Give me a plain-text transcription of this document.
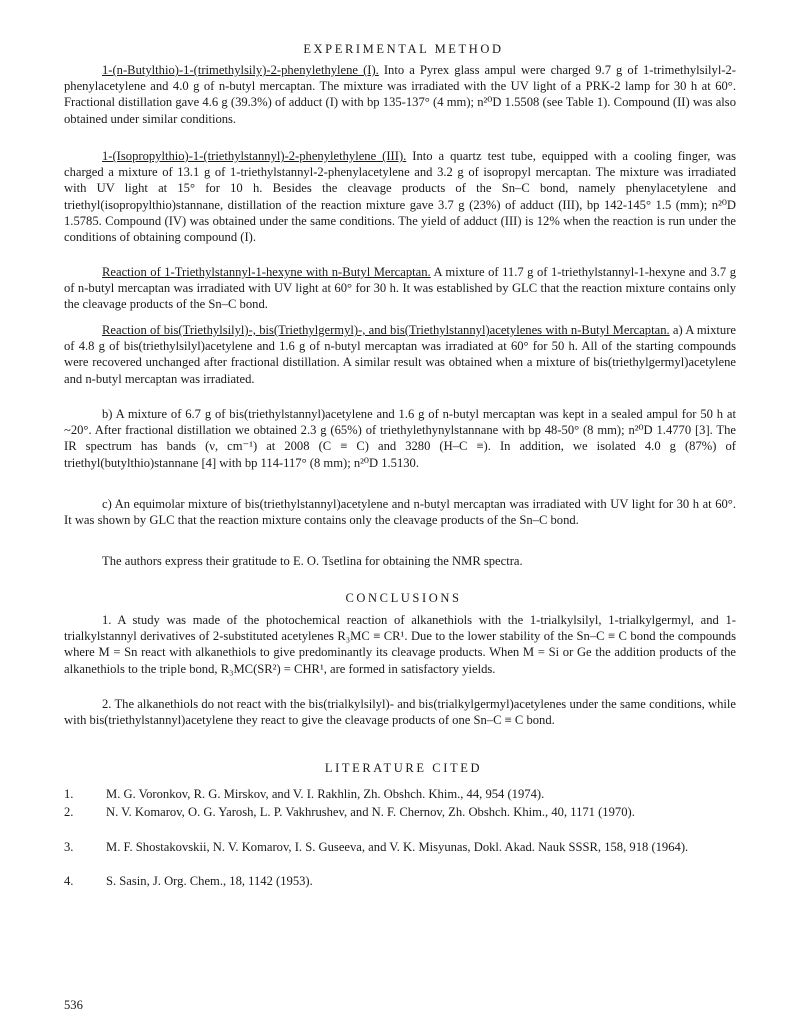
EXPERIMENTAL METHOD

1-(n-Butylthio)-1-(trimethylsily)-2-phenylethylene (I). Into a Pyrex glass ampul were charged 9.7 g of 1-trimethylsilyl-2-phenylacetylene and 4.0 g of n-butyl mercaptan. The mixture was irradiated with the UV light of a PRK-2 lamp for 30 h at 60°. Fractional distillation gave 4.6 g (39.3%) of adduct (I) with bp 135-137° (4 mm); n²⁰D 1.5508 (see Table 1). Compound (II) was also obtained under similar conditions.

1-(Isopropylthio)-1-(triethylstannyl)-2-phenylethylene (III). Into a quartz test tube, equipped with a cooling finger, was charged a mixture of 13.1 g of 1-triethylstannyl-2-phenylacetylene and 3.2 g of isopropyl mercaptan. The mixture was irradiated with UV light at 15° for 10 h. Besides the cleavage products of the Sn–C bond, namely phenylacetylene and triethyl(isopropylthio)stannane, distillation of the reaction mixture gave 3.7 g (23%) of adduct (III), bp 142-145° 1.5 (mm); n²⁰D 1.5785. Compound (IV) was obtained under the same conditions. The yield of adduct (III) is 12% when the reaction is run under the conditions of obtaining compound (I).

Reaction of 1-Triethylstannyl-1-hexyne with n-Butyl Mercaptan. A mixture of 11.7 g of 1-triethylstannyl-1-hexyne and 3.7 g of n-butyl mercaptan was irradiated with UV light at 60° for 30 h. It was established by GLC that the reaction mixture contains only the cleavage products of the Sn–C bond.

Reaction of bis(Triethylsilyl)-, bis(Triethylgermyl)-, and bis(Triethylstannyl)acetylenes with n-Butyl Mercaptan. a) A mixture of 4.8 g of bis(triethylsilyl)acetylene and 1.6 g of n-butyl mercaptan was irradiated at 60° for 50 h. All of the starting compounds were recovered unchanged after fractional distillation. A similar result was obtained when a mixture of bis(triethylgermyl)acetylene and n-butyl mercaptan was irradiated.

b) A mixture of 6.7 g of bis(triethylstannyl)acetylene and 1.6 g of n-butyl mercaptan was kept in a sealed ampul for 50 h at ~20°. After fractional distillation we obtained 2.3 g (65%) of triethylethynylstannane with bp 48-50° (8 mm); n²⁰D 1.4770 [3]. The IR spectrum has bands (ν, cm⁻¹) at 2008 (C ≡ C) and 3280 (H–C ≡). In addition, we isolated 4.0 g (87%) of triethyl(butylthio)stannane [4] with bp 114-117° (8 mm); n²⁰D 1.5130.

c) An equimolar mixture of bis(triethylstannyl)acetylene and n-butyl mercaptan was irradiated with UV light for 30 h at 60°. It was shown by GLC that the reaction mixture contains only the cleavage products of the Sn–C bond.

The authors express their gratitude to E. O. Tsetlina for obtaining the NMR spectra.

CONCLUSIONS

1. A study was made of the photochemical reaction of alkanethiols with the 1-trialkylsilyl, 1-trialkylgermyl, and 1-trialkylstannyl derivatives of 2-substituted acetylenes R₃MC ≡ CR¹. Due to the lower stability of the Sn–C ≡ C bond the compounds where M = Sn react with alkanethiols to give predominantly its cleavage products. When M = Si or Ge the addition products of the alkanethiols to the triple bond, R₃MC(SR²) = CHR¹, are formed in satisfactory yields.

2. The alkanethiols do not react with the bis(trialkylsilyl)- and bis(trialkylgermyl)acetylenes under the same conditions, while with bis(triethylstannyl)acetylene they react to give the cleavage products of one Sn–C ≡ C bond.

LITERATURE CITED
1.	M. G. Voronkov, R. G. Mirskov, and V. I. Rakhlin, Zh. Obshch. Khim., 44, 954 (1974).
2.	N. V. Komarov, O. G. Yarosh, L. P. Vakhrushev, and N. F. Chernov, Zh. Obshch. Khim., 40, 1171 (1970).
3.	M. F. Shostakovskii, N. V. Komarov, I. S. Guseeva, and V. K. Misyunas, Dokl. Akad. Nauk SSSR, 158, 918 (1964).
4.	S. Sasin, J. Org. Chem., 18, 1142 (1953).
536
